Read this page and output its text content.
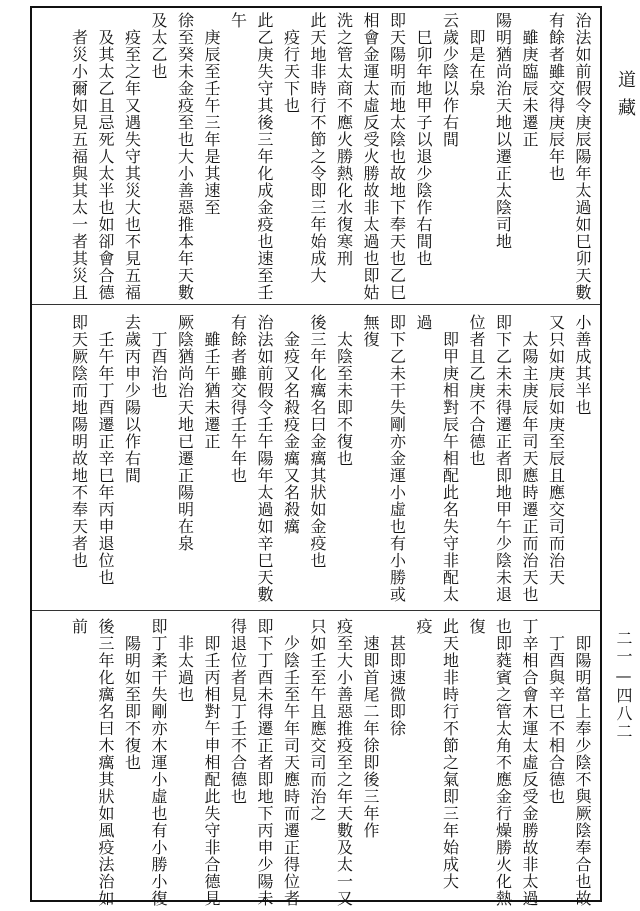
治法如前假令庚辰陽年太過如巳卯天數
有餘者雖交得庚辰年也
　雖庚臨辰未遷正
陽明猶尚治天地以遷正太陰司地
　即是在泉
云歲少陰以作右間
　巳卯年地甲子以退少陰作右間也
即天陽明而地太陰也故地下奉天也乙巳
相會金運太虛反受火勝故非太過也即姑
洗之管太商不應火勝熱化水復寒刑
此天地非時行不節之令即三年始成大
　疫行天下也
此乙庚失守其後三年化成金疫也速至壬
午
　庚辰至壬午三年是其速至
徐至癸未金疫至也大小善惡推本年天數
及太乙也
　疫至之年又遇失守其災大也不見五福
　及其太乙且忌死人太半也如卻會合德
　者災小爾如見五福與其太一者其災且
小善成其半也
又只如庚辰如庚至辰且應交司而治天
　太陽主庚辰年司天應時遷正而治天也
即下乙未未得遷正者即地甲午少陰未退
位者且乙庚不合德也
　即甲庚相對辰午相配此名失守非配太
過
即下乙未干失剛亦金運小虛也有小勝或
無復
　太陰至未即不復也
後三年化癘名曰金癘其狀如金疫也
　金疫又名殺疫金癘又名殺癘
治法如前假令壬午陽年太過如辛巳天數
有餘者雖交得壬午年也
　雖壬午猶未遷正
厥陰猶尚治天地已遷正陽明在泉
　丁酉治也
去歲丙申少陽以作右間
　壬午年丁酉遷正辛巳年丙申退位也
即天厥陰而地陽明故地不奉天者也
　即陽明當上奉少陰不與厥陰奉合也故
　丁酉與辛巳不相合德也
丁辛相合會木運太虛反受金勝故非太過
也即蕤賓之管太角不應金行燥勝火化熱
復
此天地非時行不節之氣即三年始成大
疫
　甚即速微即徐
　速即首尾二年徐即後三年作
疫至大小善惡推疫至之年天數及太一又
只如壬至午且應交司而治之
　少陰壬至午年司天應時而遷正得位者
即下丁酉未得遷正者即地下丙申少陽未
得退位者見丁壬不合德也
　即壬丙相對午申相配此失守非合德見
　非太過也
即丁柔干失剛亦木運小虛也有小勝小復
　陽明如至即不復也
後三年化癘名曰木癘其狀如風疫法治如
前
道藏
二一—四八二
